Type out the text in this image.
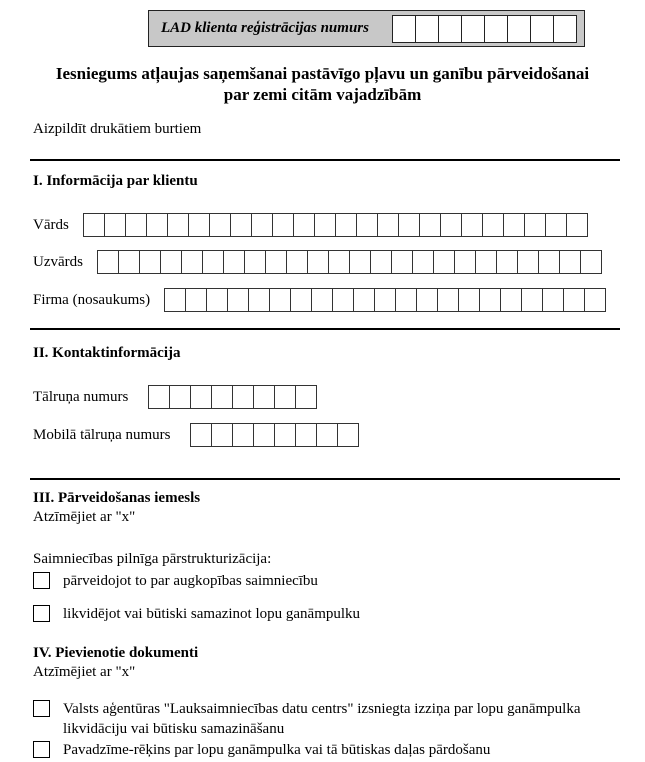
LAD klienta reģistrācijas numurs
Iesniegums atļaujas saņemšanai pastāvīgo pļavu un ganību pārveidošanai
par zemi citām vajadzībām
Aizpildīt drukātiem burtiem
I. Informācija par klientu
Vārds
Uzvārds
Firma (nosaukums)
II. Kontaktinformācija
Tālruņa numurs
Mobilā tālruņa numurs
III. Pārveidošanas iemesls
Atzīmējiet ar "x"
Saimniecības pilnīga pārstrukturizācija:
pārveidojot to par augkopības saimniecību
likvidējot vai būtiski samazinot lopu ganāmpulku
IV. Pievienotie dokumenti
Atzīmējiet ar "x"
Valsts aģentūras "Lauksaimniecības datu centrs" izsniegta izziņa par lopu ganāmpulka likvidāciju vai būtisku samazināšanu
Pavadzīme-rēķins par lopu ganāmpulka vai tā būtiskas daļas pārdošanu
